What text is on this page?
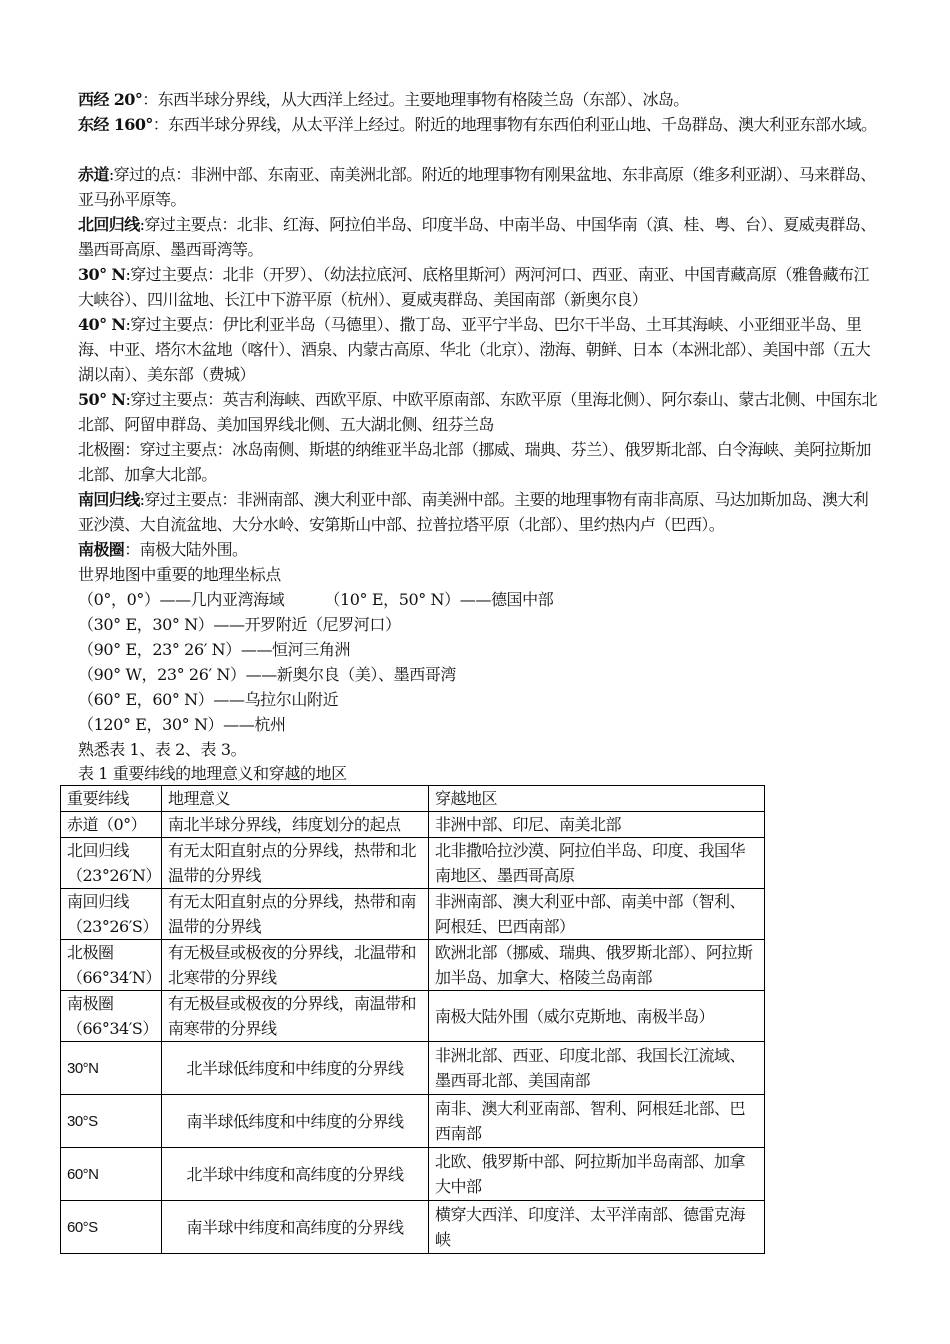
西经 20°：东西半球分界线，从大西洋上经过。主要地理事物有格陵兰岛（东部）、冰岛。
东经 160°：东西半球分界线，从太平洋上经过。附近的地理事物有东西伯利亚山地、千岛群岛、澳大利亚东部水域。
赤道:穿过的点：非洲中部、东南亚、南美洲北部。附近的地理事物有刚果盆地、东非高原（维多利亚湖）、马来群岛、亚马孙平原等。
北回归线:穿过主要点：北非、红海、阿拉伯半岛、印度半岛、中南半岛、中国华南（滇、桂、粤、台）、夏威夷群岛、墨西哥高原、墨西哥湾等。
30° N:穿过主要点：北非（开罗）、（幼法拉底河、底格里斯河）两河河口、西亚、南亚、中国青藏高原（雅鲁藏布江大峡谷）、四川盆地、长江中下游平原（杭州）、夏威夷群岛、美国南部（新奥尔良）
40° N:穿过主要点：伊比利亚半岛（马德里）、撒丁岛、亚平宁半岛、巴尔干半岛、土耳其海峡、小亚细亚半岛、里海、中亚、塔尔木盆地（喀什）、酒泉、内蒙古高原、华北（北京）、渤海、朝鲜、日本（本洲北部）、美国中部（五大湖以南）、美东部（费城）
50° N:穿过主要点：英吉利海峡、西欧平原、中欧平原南部、东欧平原（里海北侧）、阿尔泰山、蒙古北侧、中国东北北部、阿留申群岛、美加国界线北侧、五大湖北侧、纽芬兰岛
北极圈：穿过主要点：冰岛南侧、斯堪的纳维亚半岛北部（挪威、瑞典、芬兰）、俄罗斯北部、白令海峡、美阿拉斯加北部、加拿大北部。
南回归线:穿过主要点：非洲南部、澳大利亚中部、南美洲中部。主要的地理事物有南非高原、马达加斯加岛、澳大利亚沙漠、大自流盆地、大分水岭、安第斯山中部、拉普拉塔平原（北部）、里约热内卢（巴西）。
南极圈：南极大陆外围。
世界地图中重要的地理坐标点
（0°，0°）——几内亚湾海域	（10° E，50° N）——德国中部
（30° E，30° N）——开罗附近（尼罗河口）
（90° E，23° 26′ N）——恒河三角洲
（90° W，23° 26′ N）——新奥尔良（美）、墨西哥湾
（60° E，60° N）——乌拉尔山附近
（120° E，30° N）——杭州
熟悉表 1、表 2、表 3。
表 1 重要纬线的地理意义和穿越的地区
重要纬线	地理意义	穿越地区
赤道（0°）	南北半球分界线，纬度划分的起点	非洲中部、印尼、南美北部
北回归线（23°26′N）	有无太阳直射点的分界线，热带和北温带的分界线	北非撒哈拉沙漠、阿拉伯半岛、印度、我国华南地区、墨西哥高原
南回归线（23°26′S）	有无太阳直射点的分界线，热带和南温带的分界线	非洲南部、澳大利亚中部、南美中部（智利、阿根廷、巴西南部）
北极圈（66°34′N）	有无极昼或极夜的分界线，北温带和北寒带的分界线	欧洲北部（挪威、瑞典、俄罗斯北部）、阿拉斯加半岛、加拿大、格陵兰岛南部
南极圈（66°34′S）	有无极昼或极夜的分界线，南温带和南寒带的分界线	南极大陆外围（威尔克斯地、南极半岛）
30°N	北半球低纬度和中纬度的分界线	非洲北部、西亚、印度北部、我国长江流域、墨西哥北部、美国南部
30°S	南半球低纬度和中纬度的分界线	南非、澳大利亚南部、智利、阿根廷北部、巴西南部
60°N	北半球中纬度和高纬度的分界线	北欧、俄罗斯中部、阿拉斯加半岛南部、加拿大中部
60°S	南半球中纬度和高纬度的分界线	横穿大西洋、印度洋、太平洋南部、德雷克海峡
